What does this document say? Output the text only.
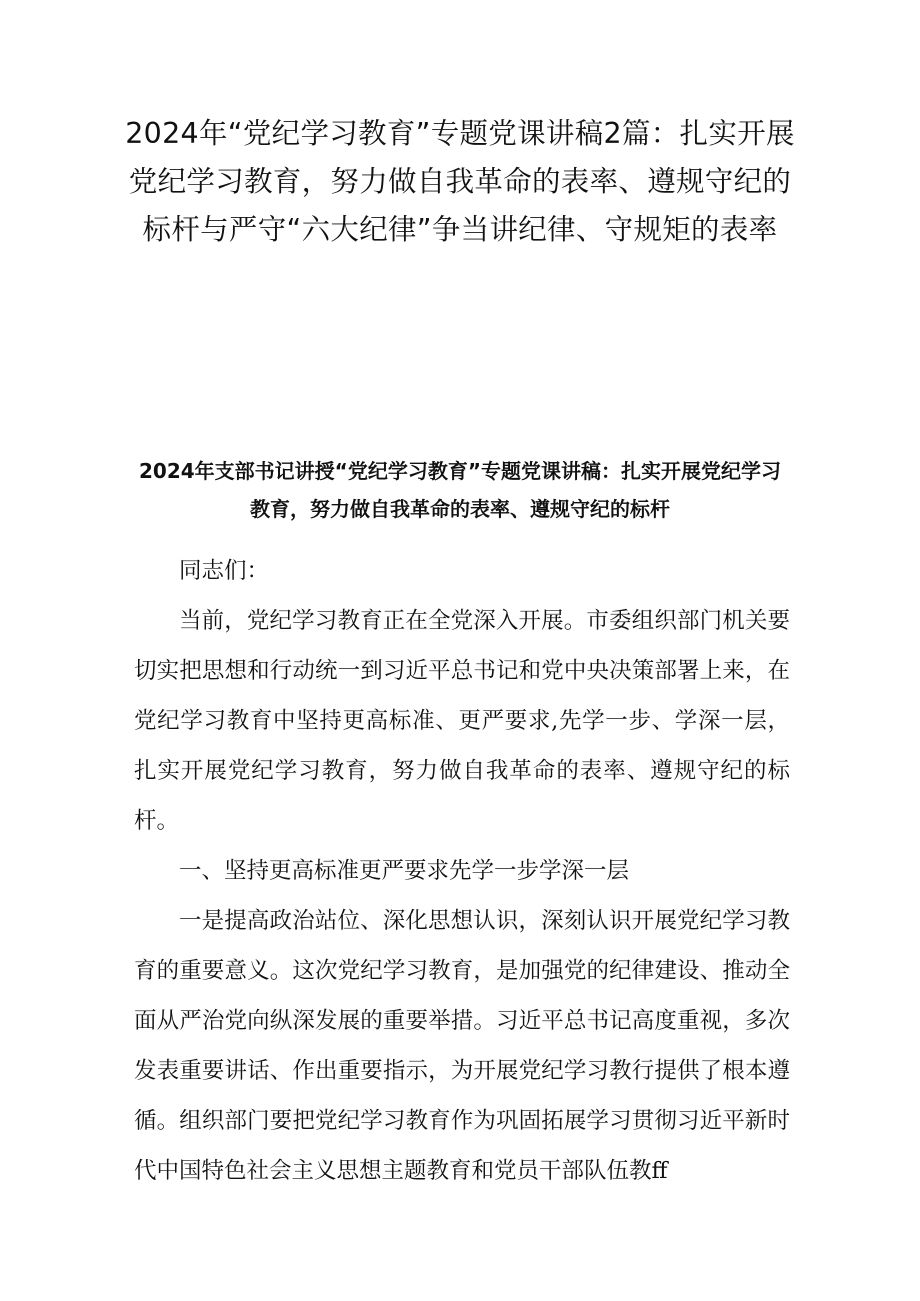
2024年“党纪学习教育”专题党课讲稿2篇：扎实开展党纪学习教育，努力做自我革命的表率、遵规守纪的标杆与严守“六大纪律”争当讲纪律、守规矩的表率
2024年支部书记讲授“党纪学习教育”专题党课讲稿：扎实开展党纪学习教育，努力做自我革命的表率、遵规守纪的标杆

同志们：

当前，党纪学习教育正在全党深入开展。市委组织部门机关要切实把思想和行动统一到习近平总书记和党中央决策部署上来，在党纪学习教育中坚持更高标准、更严要求,先学一步、学深一层，扎实开展党纪学习教育，努力做自我革命的表率、遵规守纪的标杆。

一、坚持更高标准更严要求先学一步学深一层

一是提高政治站位、深化思想认识，深刻认识开展党纪学习教育的重要意义。这次党纪学习教育，是加强党的纪律建设、推动全面从严治党向纵深发展的重要举措。习近平总书记高度重视，多次发表重要讲话、作出重要指示，为开展党纪学习教行提供了根本遵循。组织部门要把党纪学习教育作为巩固拓展学习贯彻习近平新时代中国特色社会主义思想主题教育和党员干部队伍教ff
